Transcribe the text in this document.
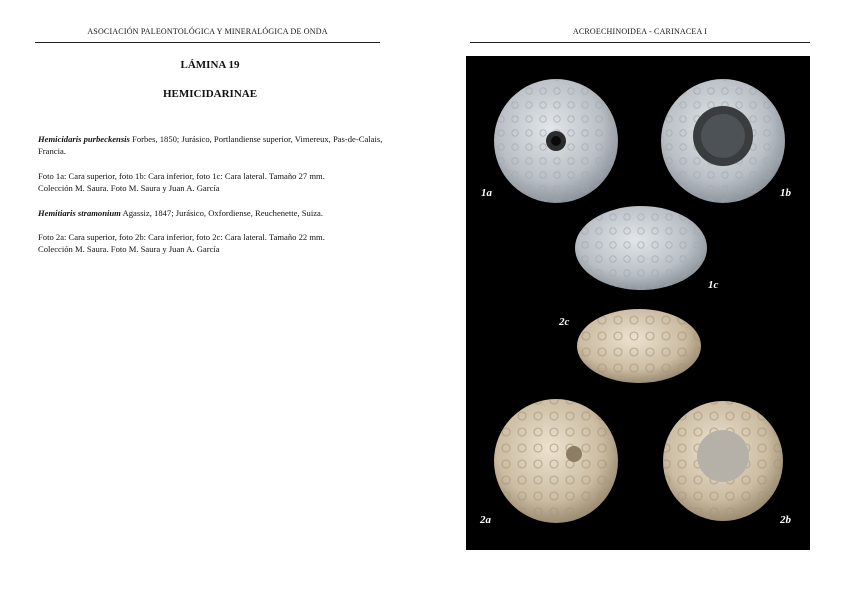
ASOCIACIÓN PALEONTOLÓGICA Y MINERALÓGICA DE ONDA	ACROECHINOIDEA - CARINACEA I
LÁMINA 19
HEMICIDARINAE
Hemicidaris purbeckensis Forbes, 1850; Jurásico, Portlandiense superior, Vimereux, Pas-de-Calais, Francia.
Foto 1a: Cara superior, foto 1b: Cara inferior, foto 1c: Cara lateral. Tamaño 27 mm.
Colección M. Saura. Foto M. Saura y Juan A. García
Hemitiaris stramonium Agassiz, 1847; Jurásico, Oxfordiense, Reuchenette, Suiza.
Foto 2a: Cara superior, foto 2b: Cara inferior, foto 2c: Cara lateral. Tamaño 22 mm.
Colección M. Saura. Foto M. Saura y Juan A. García
1a	1b
1c
2c
2a	2b
